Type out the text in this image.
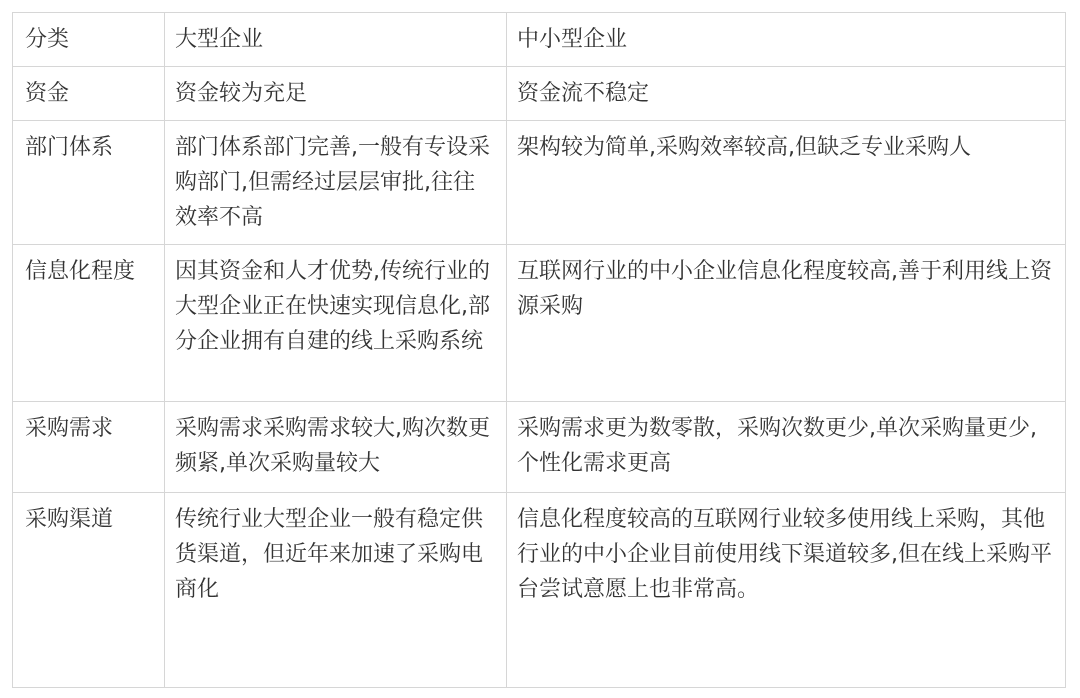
分类	大型企业	中小型企业
资金	资金较为充足	资金流不稳定
部门体系	部门体系部门完善,一般有专设采购部门,但需经过层层审批,往往效率不高	架构较为简单,采购效率较高,但缺乏专业采购人
信息化程度	因其资金和人才优势,传统行业的大型企业正在快速实现信息化,部分企业拥有自建的线上采购系统	互联网行业的中小企业信息化程度较高,善于利用线上资源采购
采购需求	采购需求采购需求较大,购次数更频紧,单次采购量较大	采购需求更为数零散，采购次数更少,单次采购量更少,个性化需求更高
采购渠道	传统行业大型企业一般有稳定供货渠道，但近年来加速了采购电商化	信息化程度较高的互联网行业较多使用线上采购，其他行业的中小企业目前使用线下渠道较多,但在线上采购平台尝试意愿上也非常高。
